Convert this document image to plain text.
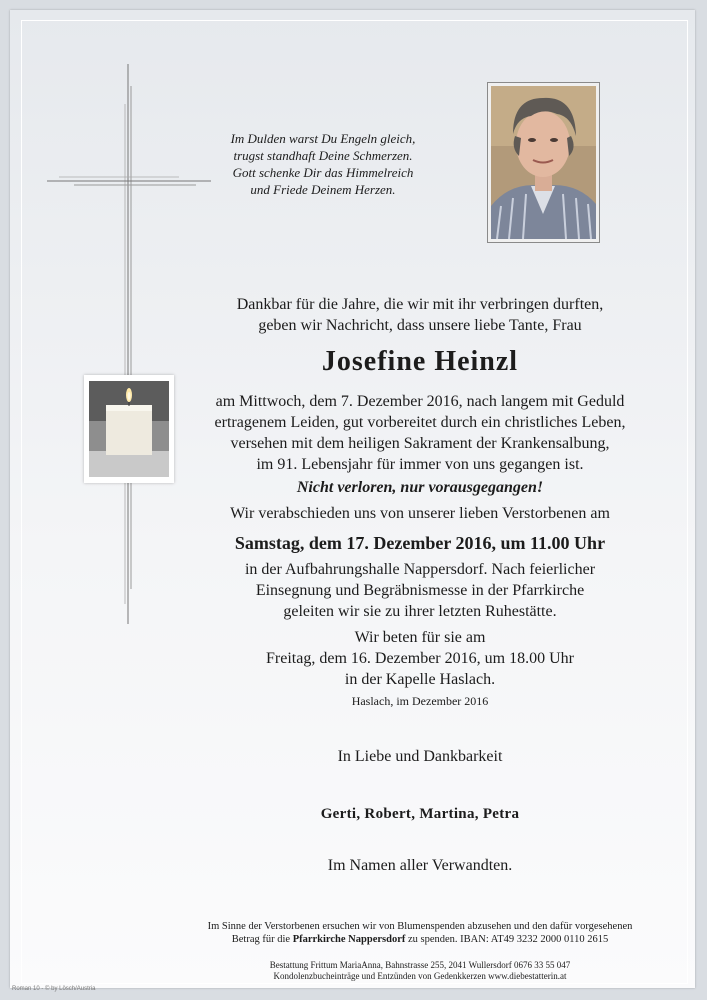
Im Dulden warst Du Engeln gleich,
trugst standhaft Deine Schmerzen.
Gott schenke Dir das Himmelreich
und Friede Deinem Herzen.
Dankbar für die Jahre, die wir mit ihr verbringen durften,
geben wir Nachricht, dass unsere liebe Tante, Frau
Josefine Heinzl
am Mittwoch, dem 7. Dezember 2016, nach langem mit Geduld
ertragenem Leiden, gut vorbereitet durch ein christliches Leben,
versehen mit dem heiligen Sakrament der Krankensalbung,
im 91. Lebensjahr für immer von uns gegangen ist.
Nicht verloren, nur vorausgegangen!
Wir verabschieden uns von unserer lieben Verstorbenen am
Samstag, dem 17. Dezember 2016, um 11.00 Uhr
in der Aufbahrungshalle Nappersdorf. Nach feierlicher
Einsegnung und Begräbnismesse in der Pfarrkirche
geleiten wir sie zu ihrer letzten Ruhestätte.
Wir beten für sie am
Freitag, dem 16. Dezember 2016, um 18.00 Uhr
in der Kapelle Haslach.
Haslach, im Dezember 2016
In Liebe und Dankbarkeit
Gerti, Robert, Martina, Petra
Im Namen aller Verwandten.
Im Sinne der Verstorbenen ersuchen wir von Blumenspenden abzusehen und den dafür vorgesehenen
Betrag für die Pfarrkirche Nappersdorf zu spenden. IBAN: AT49 3232 2000 0110 2615
Bestattung Frittum MariaAnna, Bahnstrasse 255, 2041 Wullersdorf 0676 33 55 047
Kondolenzbucheinträge und Entzünden von Gedenkkerzen www.diebestatterin.at
Roman 10 - © by Lösch/Austria
